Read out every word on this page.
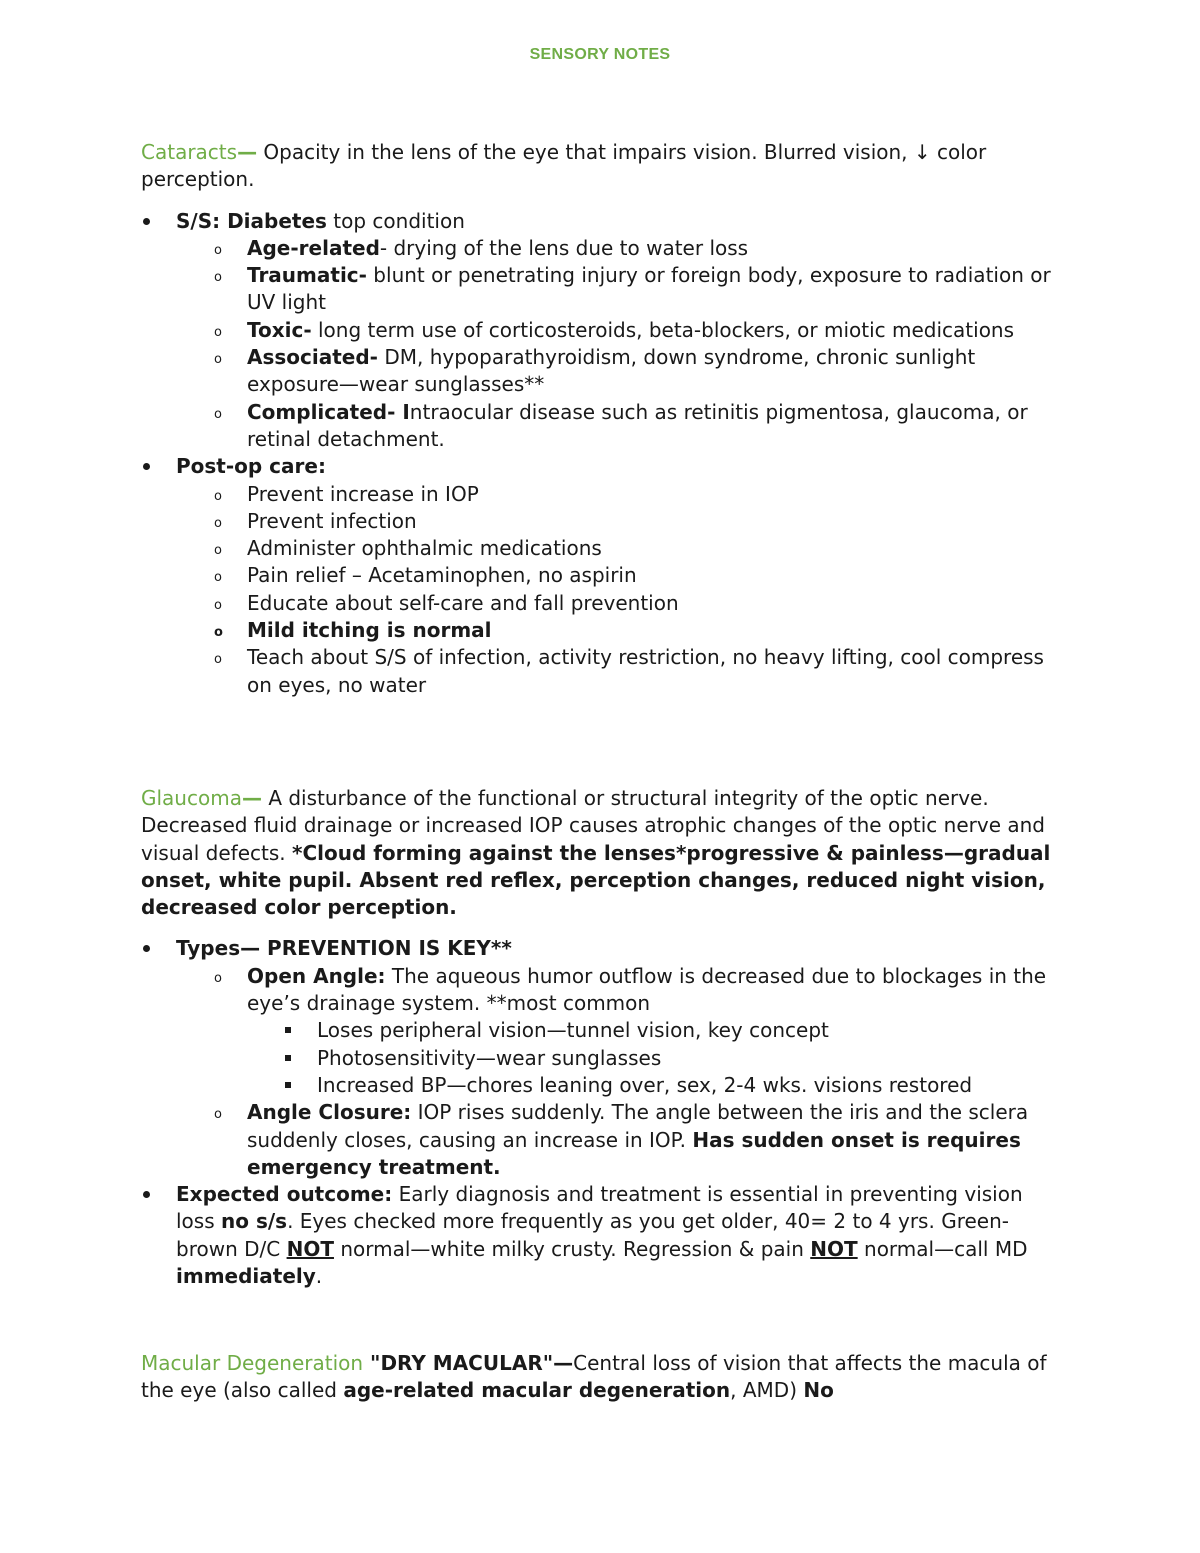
SENSORY NOTES

Cataracts— Opacity in the lens of the eye that impairs vision. Blurred vision, ↓ color perception.

S/S: Diabetes top condition
o Age-related- drying of the lens due to water loss
o Traumatic- blunt or penetrating injury or foreign body, exposure to radiation or UV light
o Toxic- long term use of corticosteroids, beta-blockers, or miotic medications
o Associated- DM, hypoparathyroidism, down syndrome, chronic sunlight exposure—wear sunglasses**
o Complicated- Intraocular disease such as retinitis pigmentosa, glaucoma, or retinal detachment.
Post-op care:
o Prevent increase in IOP
o Prevent infection
o Administer ophthalmic medications
o Pain relief – Acetaminophen, no aspirin
o Educate about self-care and fall prevention
o Mild itching is normal
o Teach about S/S of infection, activity restriction, no heavy lifting, cool compress on eyes, no water

Glaucoma— A disturbance of the functional or structural integrity of the optic nerve. Decreased fluid drainage or increased IOP causes atrophic changes of the optic nerve and visual defects. *Cloud forming against the lenses*progressive & painless—gradual onset, white pupil. Absent red reflex, perception changes, reduced night vision, decreased color perception.

Types— PREVENTION IS KEY**
o Open Angle: The aqueous humor outflow is decreased due to blockages in the eye’s drainage system. **most common
Loses peripheral vision—tunnel vision, key concept
Photosensitivity—wear sunglasses
Increased BP—chores leaning over, sex, 2-4 wks. visions restored
o Angle Closure: IOP rises suddenly. The angle between the iris and the sclera suddenly closes, causing an increase in IOP. Has sudden onset is requires emergency treatment.
Expected outcome: Early diagnosis and treatment is essential in preventing vision loss no s/s. Eyes checked more frequently as you get older, 40= 2 to 4 yrs. Green-brown D/C NOT normal—white milky crusty. Regression & pain NOT normal—call MD immediately.

Macular Degeneration "DRY MACULAR"—Central loss of vision that affects the macula of the eye (also called age-related macular degeneration, AMD) No
